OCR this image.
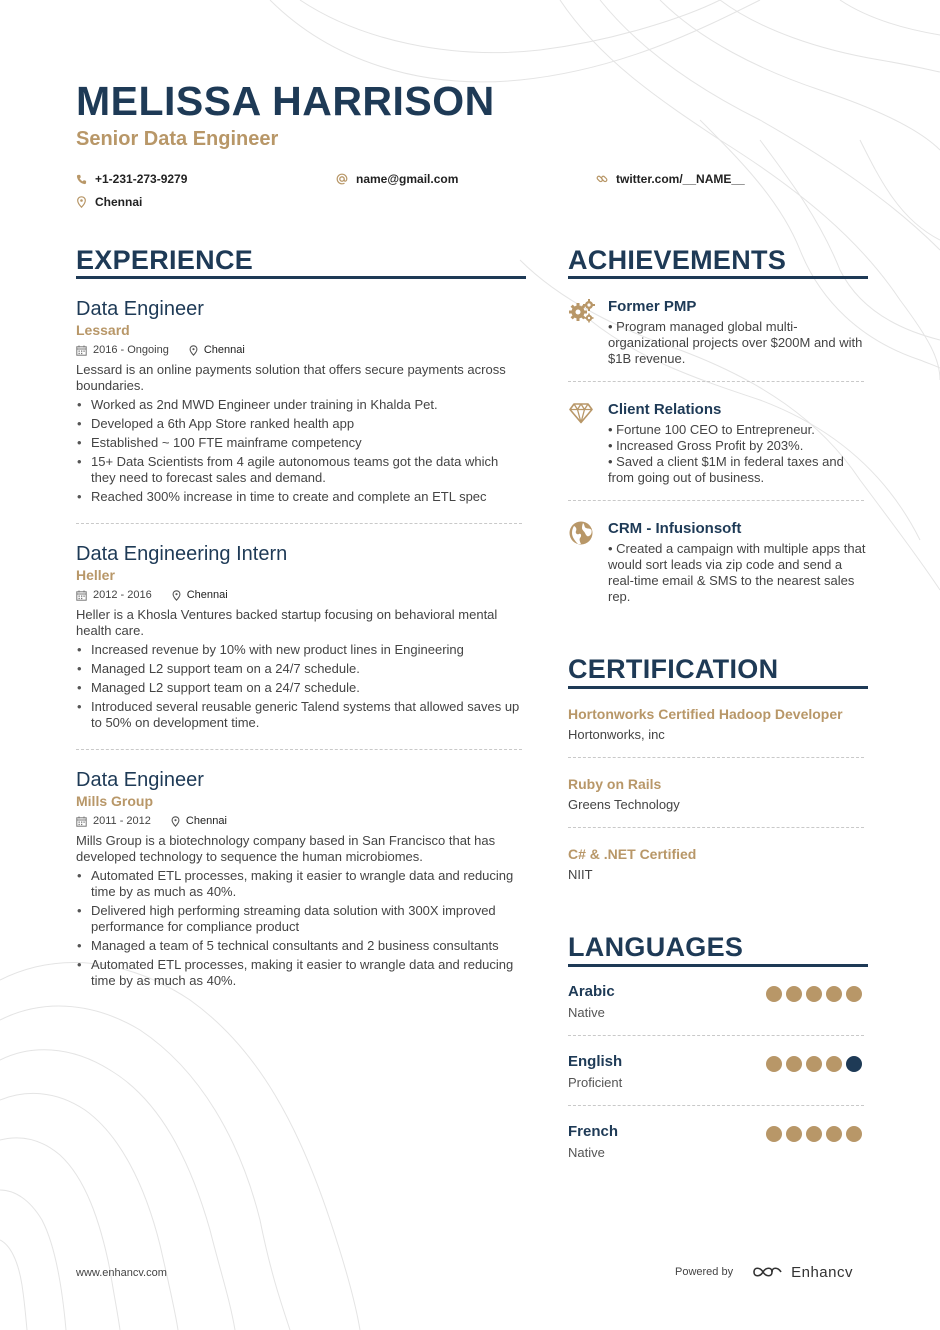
MELISSA HARRISON
Senior Data Engineer
+1-231-273-9279	name@gmail.com	twitter.com/__NAME__
Chennai
EXPERIENCE
Data Engineer
Lessard
2016 - Ongoing	Chennai
Lessard is an online payments solution that offers secure payments across boundaries.
• Worked as 2nd MWD Engineer under training in Khalda Pet.
• Developed a 6th App Store ranked health app
• Established ~ 100 FTE mainframe competency
• 15+ Data Scientists from 4 agile autonomous teams got the data which they need to forecast sales and demand.
• Reached 300% increase in time to create and complete an ETL spec
Data Engineering Intern
Heller
2012 - 2016	Chennai
Heller is a Khosla Ventures backed startup focusing on behavioral mental health care.
• Increased revenue by 10% with new product lines in Engineering
• Managed L2 support team on a 24/7 schedule.
• Managed L2 support team on a 24/7 schedule.
• Introduced several reusable generic Talend systems that allowed saves up to 50% on development time.
Data Engineer
Mills Group
2011 - 2012	Chennai
Mills Group is a biotechnology company based in San Francisco that has developed technology to sequence the human microbiomes.
• Automated ETL processes, making it easier to wrangle data and reducing time by as much as 40%.
• Delivered high performing streaming data solution with 300X improved performance for compliance product
• Managed a team of 5 technical consultants and 2 business consultants
• Automated ETL processes, making it easier to wrangle data and reducing time by as much as 40%.
ACHIEVEMENTS
Former PMP
• Program managed global multi-organizational projects over $200M and with $1B revenue.
Client Relations
• Fortune 100 CEO to Entrepreneur.
• Increased Gross Profit by 203%.
• Saved a client $1M in federal taxes and from going out of business.
CRM - Infusionsoft
• Created a campaign with multiple apps that would sort leads via zip code and send a real-time email & SMS to the nearest sales rep.
CERTIFICATION
Hortonworks Certified Hadoop Developer
Hortonworks, inc
Ruby on Rails
Greens Technology
C# & .NET Certified
NIIT
LANGUAGES
Arabic
Native
English
Proficient
French
Native
www.enhancv.com	Powered by	Enhancv
